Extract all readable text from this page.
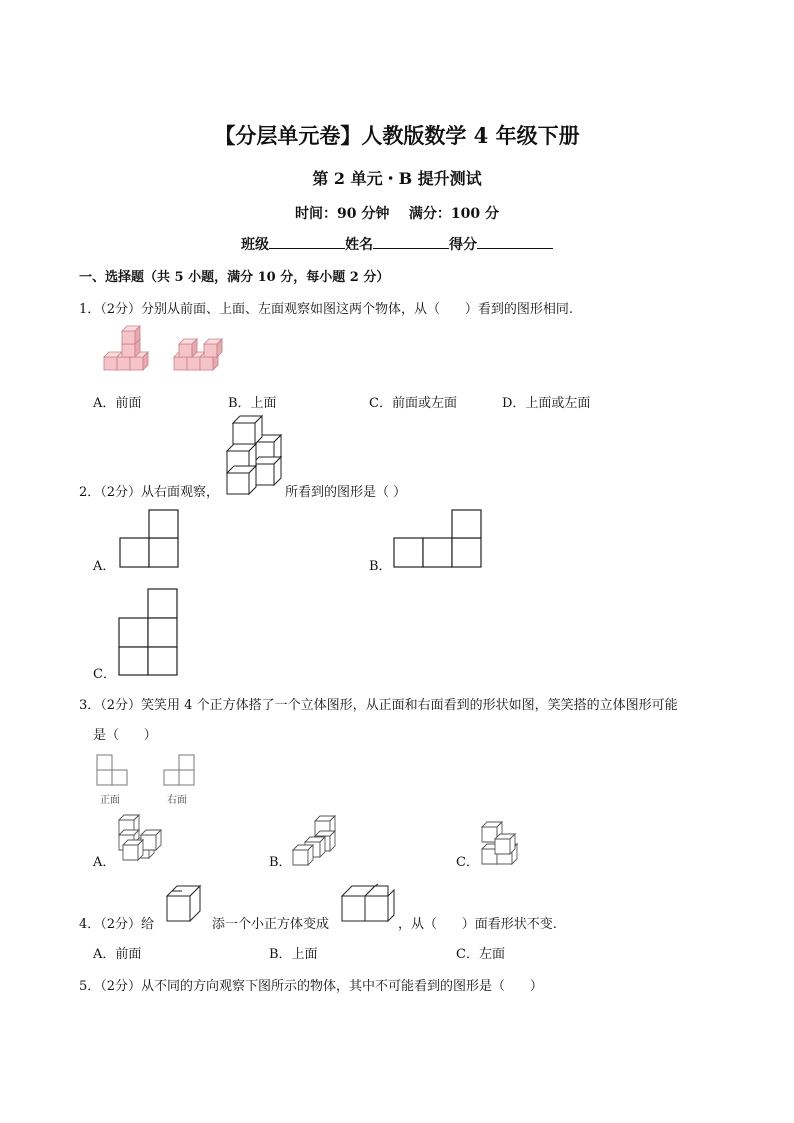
【分层单元卷】人教版数学 4 年级下册
第 2 单元・B 提升测试
时间：90 分钟    满分：100 分
班级	姓名	得分
一、选择题（共 5 小题，满分 10 分，每小题 2 分）
1．（2分）分别从前面、上面、左面观察如图这两个物体，从（      ）看到的图形相同.
A．前面	B．上面	C．前面或左面	D．上面或左面
2．（2分）从右面观察，	所看到的图形是（ ）
A．	B．
C．
3．（2分）笑笑用 4 个正方体搭了一个立体图形，从正面和右面看到的形状如图，笑笑搭的立体图形可能
是（      ）
正面	右面
A．	B．	C．
4．（2分）给	添一个小正方体变成	，从（      ）面看形状不变.
A．前面	B．上面	C．左面
5．（2分）从不同的方向观察下图所示的物体，其中不可能看到的图形是（      ）
